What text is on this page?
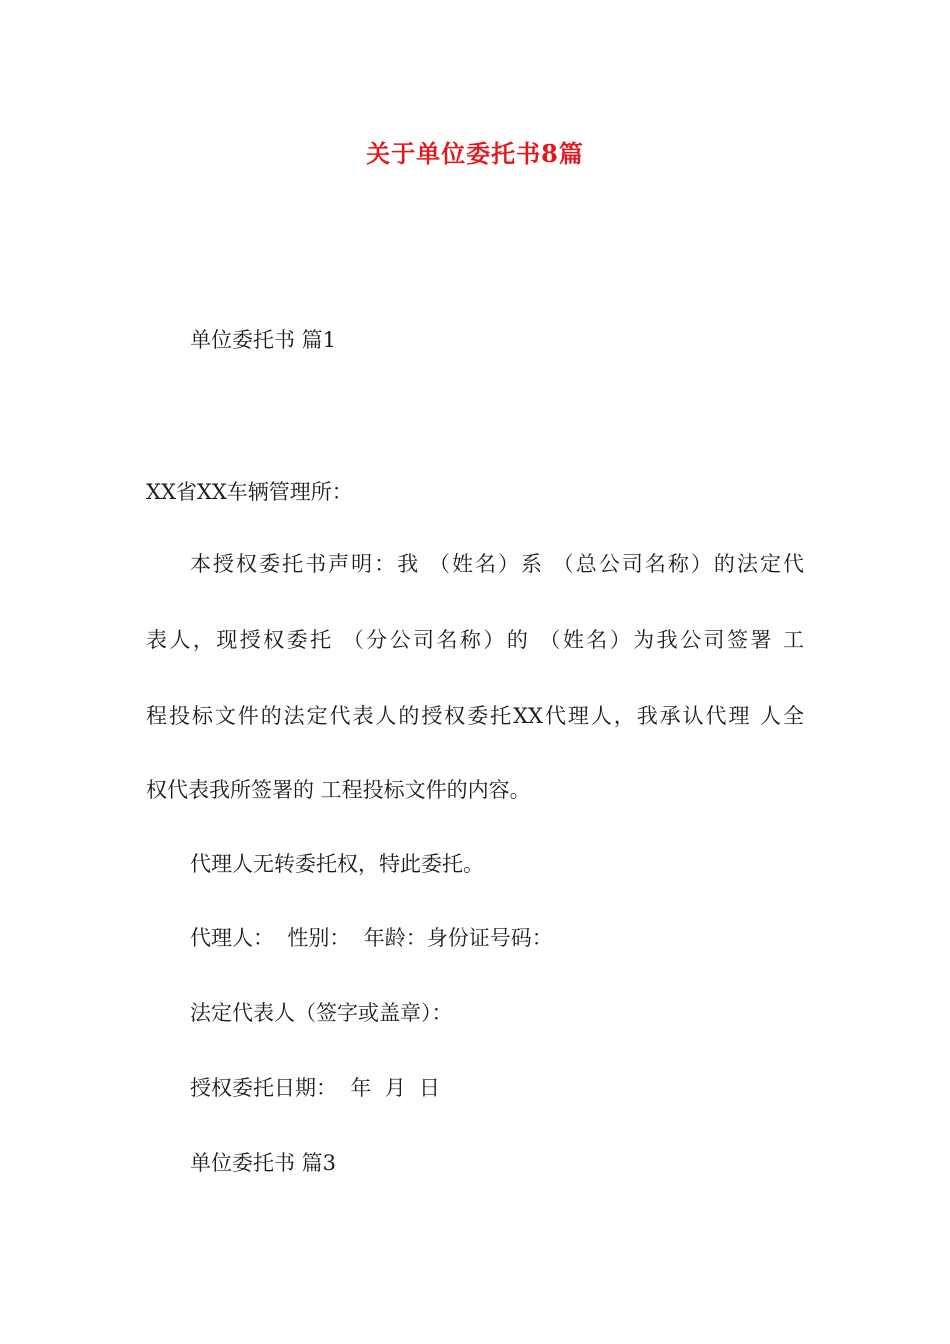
关于单位委托书8篇
单位委托书 篇1
XX省XX车辆管理所：
本授权委托书声明：我 （姓名）系 （总公司名称）的法定代
表人，现授权委托 （分公司名称）的 （姓名）为我公司签署 工
程投标文件的法定代表人的授权委托XX代理人，我承认代理 人全
权代表我所签署的 工程投标文件的内容。
代理人无转委托权，特此委托。
代理人：  性别：  年龄：身份证号码：
法定代表人（签字或盖章）：
授权委托日期：  年  月  日
单位委托书 篇3
